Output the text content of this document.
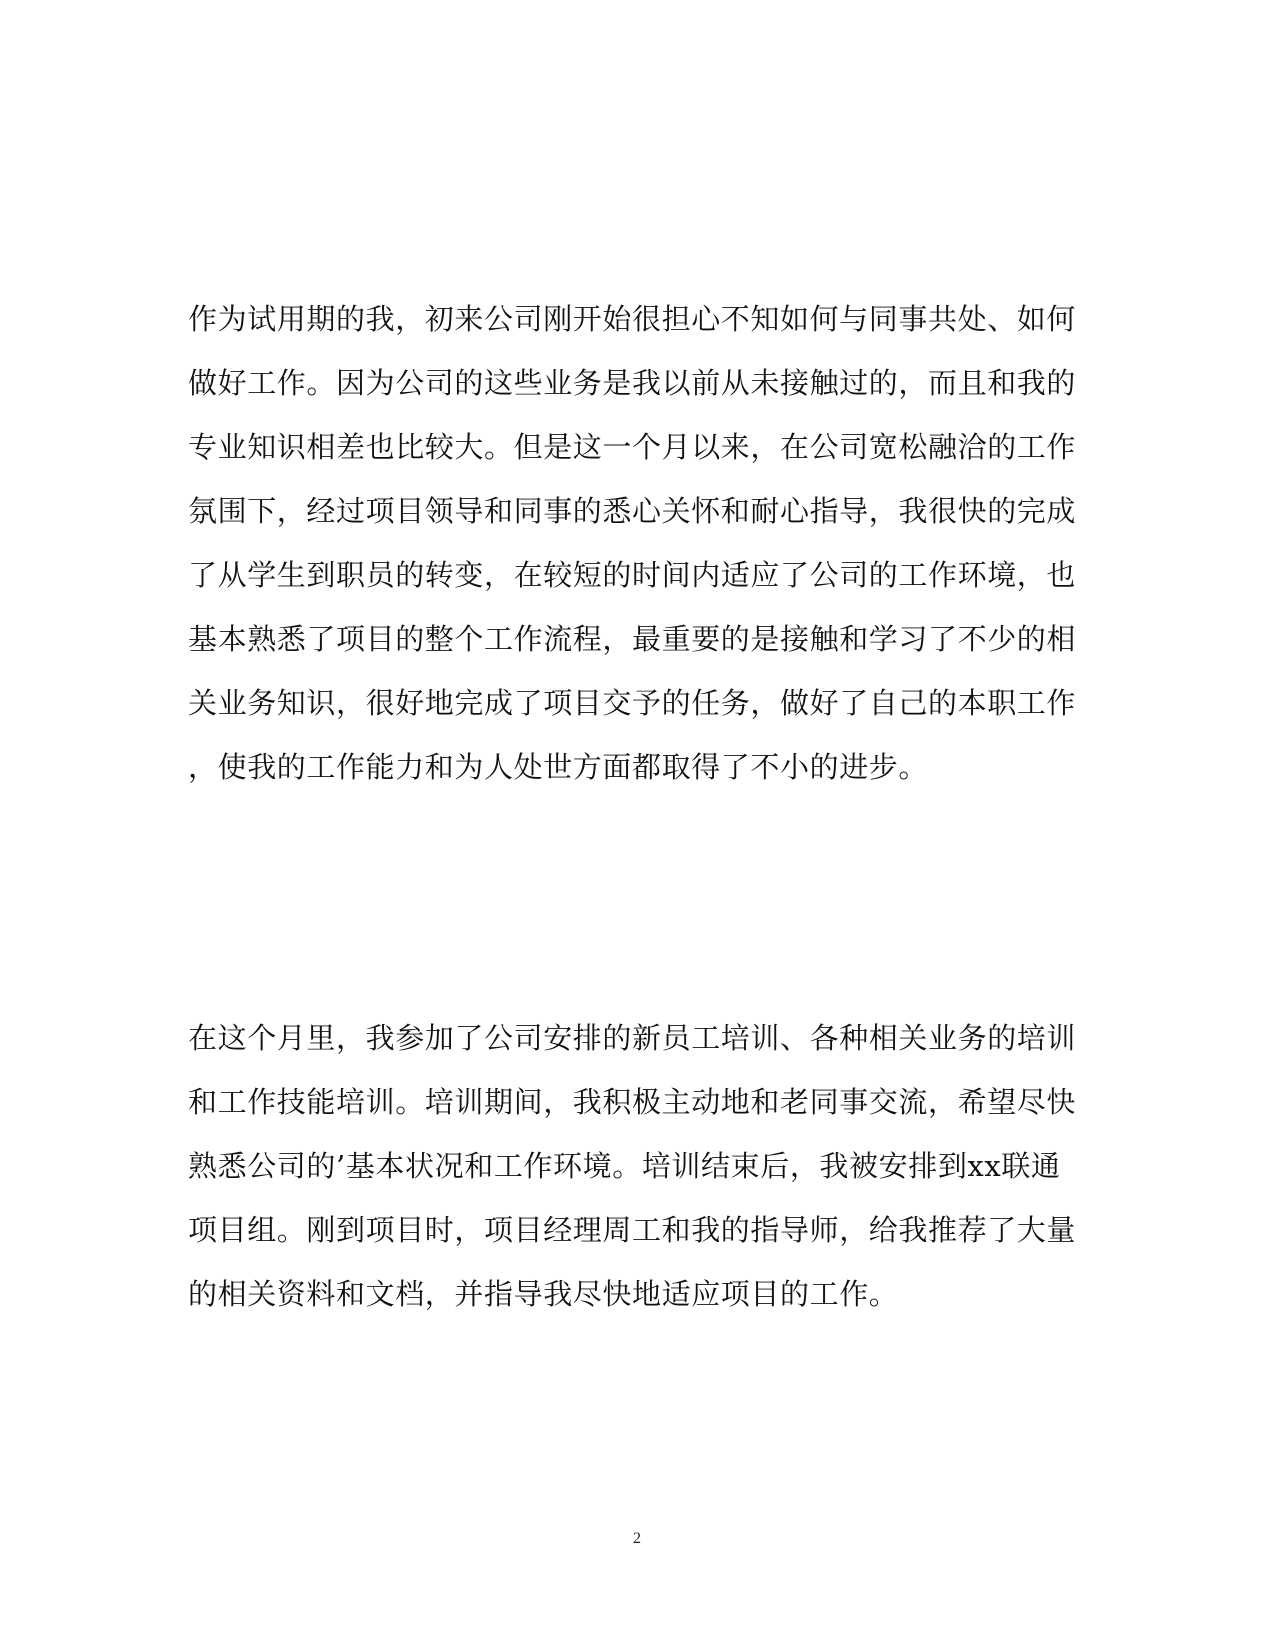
作为试用期的我，初来公司刚开始很担心不知如何与同事共处、如何
做好工作。因为公司的这些业务是我以前从未接触过的，而且和我的
专业知识相差也比较大。但是这一个月以来，在公司宽松融洽的工作
氛围下，经过项目领导和同事的悉心关怀和耐心指导，我很快的完成
了从学生到职员的转变，在较短的时间内适应了公司的工作环境，也
基本熟悉了项目的整个工作流程，最重要的是接触和学习了不少的相
关业务知识，很好地完成了项目交予的任务，做好了自己的本职工作
，使我的工作能力和为人处世方面都取得了不小的进步。
在这个月里，我参加了公司安排的新员工培训、各种相关业务的培训
和工作技能培训。培训期间，我积极主动地和老同事交流，希望尽快
熟悉公司的’基本状况和工作环境。培训结束后，我被安排到xx联通
项目组。刚到项目时，项目经理周工和我的指导师，给我推荐了大量
的相关资料和文档，并指导我尽快地适应项目的工作。
2
